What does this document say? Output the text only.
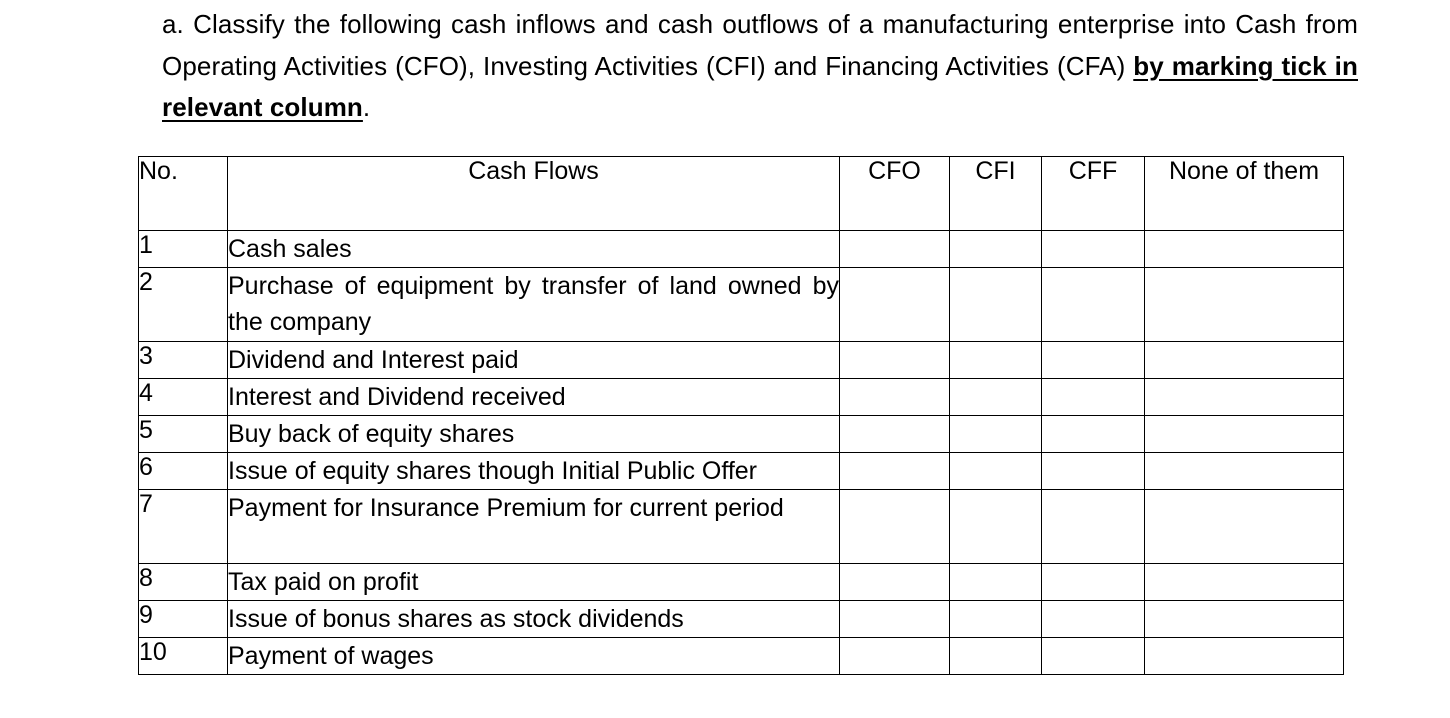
a. Classify the following cash inflows and cash outflows of a manufacturing enterprise into Cash from Operating Activities (CFO), Investing Activities (CFI) and Financing Activities (CFA) by marking tick in relevant column.
No.	Cash Flows	CFO	CFI	CFF	None of them
1	Cash sales				
2	Purchase of equipment by transfer of land owned by the company				
3	Dividend and Interest paid				
4	Interest and Dividend received				
5	Buy back of equity shares				
6	Issue of equity shares though Initial Public Offer				
7	Payment for Insurance Premium for current period				
8	Tax paid on profit				
9	Issue of bonus shares as stock dividends				
10	Payment of wages				
